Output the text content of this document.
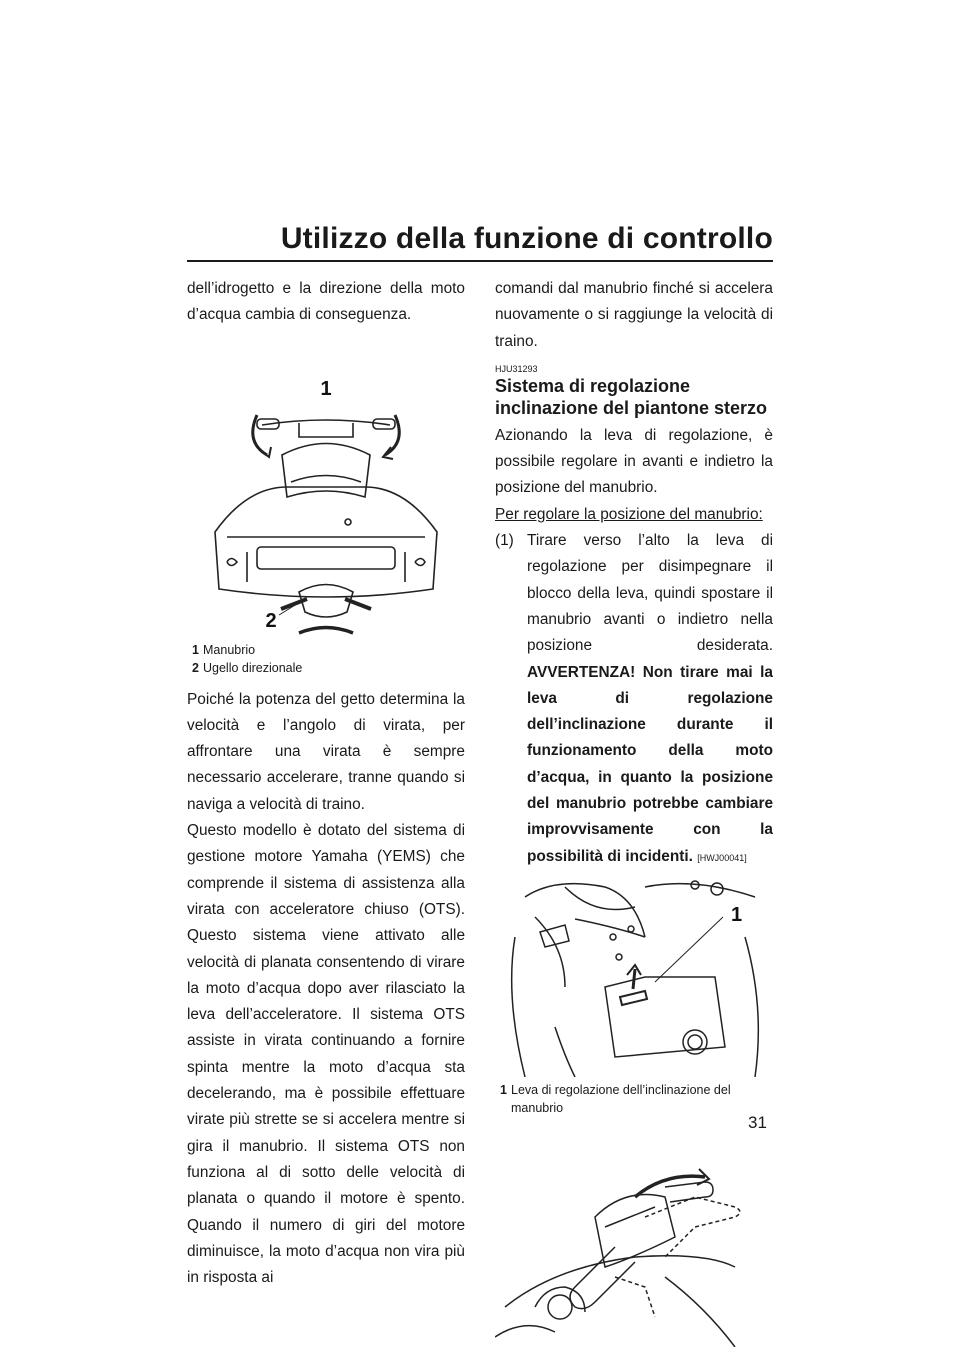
Utilizzo della funzione di controllo

dell’idrogetto e la direzione della moto d’acqua cambia di conseguenza.

1
2
1 Manubrio
2 Ugello direzionale

Poiché la potenza del getto determina la velocità e l’angolo di virata, per affrontare una virata è sempre necessario accelerare, tranne quando si naviga a velocità di traino.

Questo modello è dotato del sistema di gestione motore Yamaha (YEMS) che comprende il sistema di assistenza alla virata con acceleratore chiuso (OTS). Questo sistema viene attivato alle velocità di planata consentendo di virare la moto d’acqua dopo aver rilasciato la leva dell’acceleratore. Il sistema OTS assiste in virata continuando a fornire spinta mentre la moto d’acqua sta decelerando, ma è possibile effettuare virate più strette se si accelera mentre si gira il manubrio. Il sistema OTS non funziona al di sotto delle velocità di planata o quando il motore è spento. Quando il numero di giri del motore diminuisce, la moto d’acqua non vira più in risposta ai

comandi dal manubrio finché si accelera nuovamente o si raggiunge la velocità di traino.

HJU31293
Sistema di regolazione inclinazione del piantone sterzo

Azionando la leva di regolazione, è possibile regolare in avanti e indietro la posizione del manubrio.

Per regolare la posizione del manubrio:
(1) Tirare verso l’alto la leva di regolazione per disimpegnare il blocco della leva, quindi spostare il manubrio avanti o indietro nella posizione desiderata. AVVERTENZA! Non tirare mai la leva di regolazione dell’inclinazione durante il funzionamento della moto d’acqua, in quanto la posizione del manubrio potrebbe cambiare improvvisamente con la possibilità di incidenti. [HWJ00041]
1
1 Leva di regolazione dell’inclinazione del manubrio
31
